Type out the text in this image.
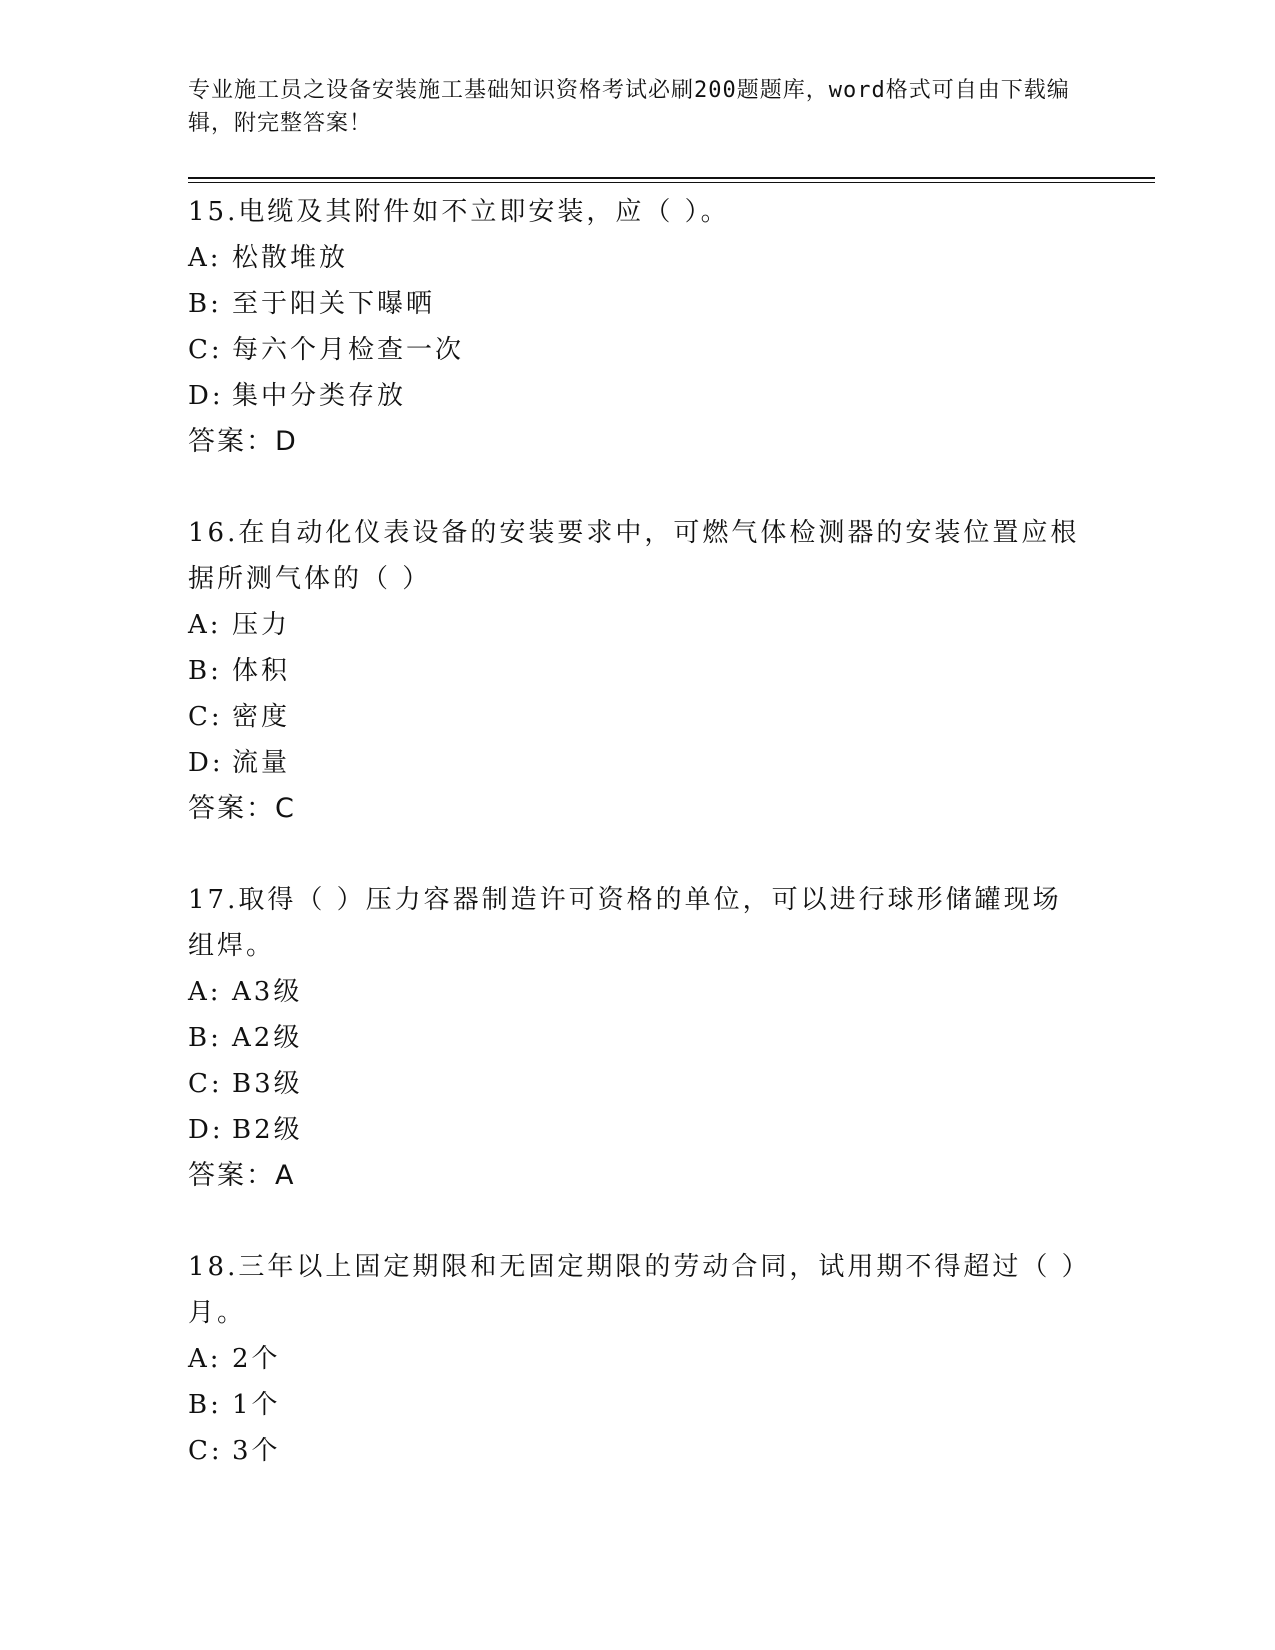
专业施工员之设备安装施工基础知识资格考试必刷200题题库，word格式可自由下载编辑，附完整答案！
15.电缆及其附件如不立即安装，应（ ）。
A: 松散堆放
B: 至于阳关下曝晒
C: 每六个月检查一次
D: 集中分类存放
答案：D
16.在自动化仪表设备的安装要求中，可燃气体检测器的安装位置应根据所测气体的（ ）
A: 压力
B: 体积
C: 密度
D: 流量
答案：C
17.取得（ ）压力容器制造许可资格的单位，可以进行球形储罐现场组焊。
A: A3级
B: A2级
C: B3级
D: B2级
答案：A
18.三年以上固定期限和无固定期限的劳动合同，试用期不得超过（ ）月。
A: 2个
B: 1个
C: 3个
